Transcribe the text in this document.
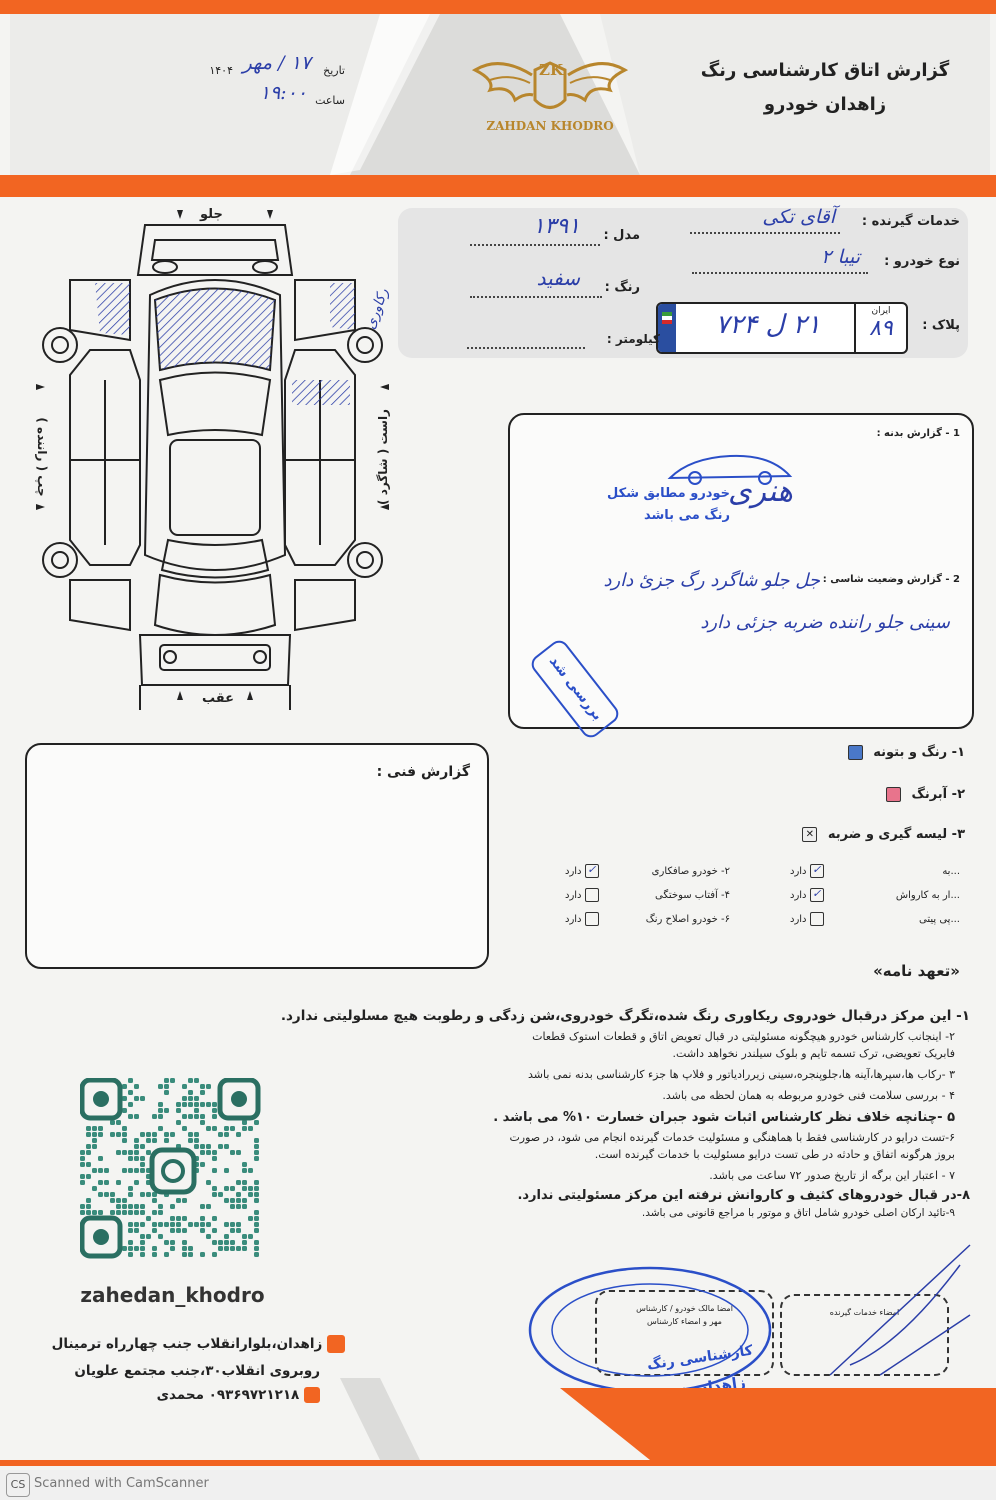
ZK
ZAHDAN KHODRO
گزارش اتاق کارشناسی رنگ
زاهدان خودرو
تاریخ
۱۷ / مهر
۱۴۰۴
ساعت
۱۹:۰۰
خدمات گیرنده :
آقای تکی
نوع خودرو :
تیبا ۲
پلاک :
ایران
۸۹
۲۱ ل ۷۲۴
مدل :
۱۳۹۱
رنگ :
سفید
کیلومتر :
جلو
عقب
چپ ( راننده )	راست ( شاگرد )
رکاوری
1 - گزارش بدنه :
هنری
خودرو مطابق شکل
رنگ می باشد
2 - گزارش وضعیت شاسی :
جل جلو شاگرد رگ جزئ دارد
سینی جلو راننده ضربه جزئی دارد
بررسی شد
گزارش فنی :
۱- رنگ و بتونه
۲- آبرنگ
۳- لیسه گیری و ضربه ✕
...به
...ار به کارواش
...پی پیتی
دارد ✓
دارد ✓
دارد
۲- خودرو صافکاری
۴- آفتاب سوختگی
۶- خودرو اصلاح رنگ
دارد ✓
دارد
دارد
«تعهد نامه»
۱- این مرکز درقبال خودروی ریکاوری رنگ شده،تگرگ خودروی،شن زدگی و رطوبت هیچ مسلولیتی ندارد.
۲- اینجانب کارشناس خودرو هیچگونه مسئولیتی در قبال تعویض اتاق و قطعات استوک قطعات
فابریک تعویضی، ترک تسمه تایم و بلوک سیلندر نخواهد داشت.
۳ -رکاب ها،سپرها،آینه ها،جلوپنجره،سینی زیررادیاتور و فلاپ ها جزء کارشناسی بدنه نمی باشد
۴ - بررسی سلامت فنی خودرو مربوطه به همان لحظه می باشد.
۵ -چنانچه خلاف نظر کارشناس اثبات شود جبران خسارت ۱۰% می باشد .
۶-تست درایو در کارشناسی فقط با هماهنگی و مسئولیت خدمات گیرنده انجام می شود، در صورت
بروز هرگونه اتفاق و حادثه در طی تست درایو مسئولیت با خدمات گیرنده است.
۷ - اعتبار این برگه از تاریخ صدور ۷۲ ساعت می باشد.
۸-در قبال خودروهای کثیف و کاروانش نرفته این مرکز مسئولیتی ندارد.
۹-تائید ارکان اصلی خودرو شامل اتاق و موتور با مراجع قانونی می باشد.
امضا مالک خودرو / کارشناس
مهر و امضاء کارشناس
امضاء خدمات گیرنده
کارشناسی رنگ
zahedan_khodro
زاهدان،بلوارانقلاب جنب چهارراه ترمینال
روبروی انقلاب۳۰،جنب مجتمع علویان
۰۹۳۶۹۷۲۱۲۱۸ محمدی
CS Scanned with CamScanner
